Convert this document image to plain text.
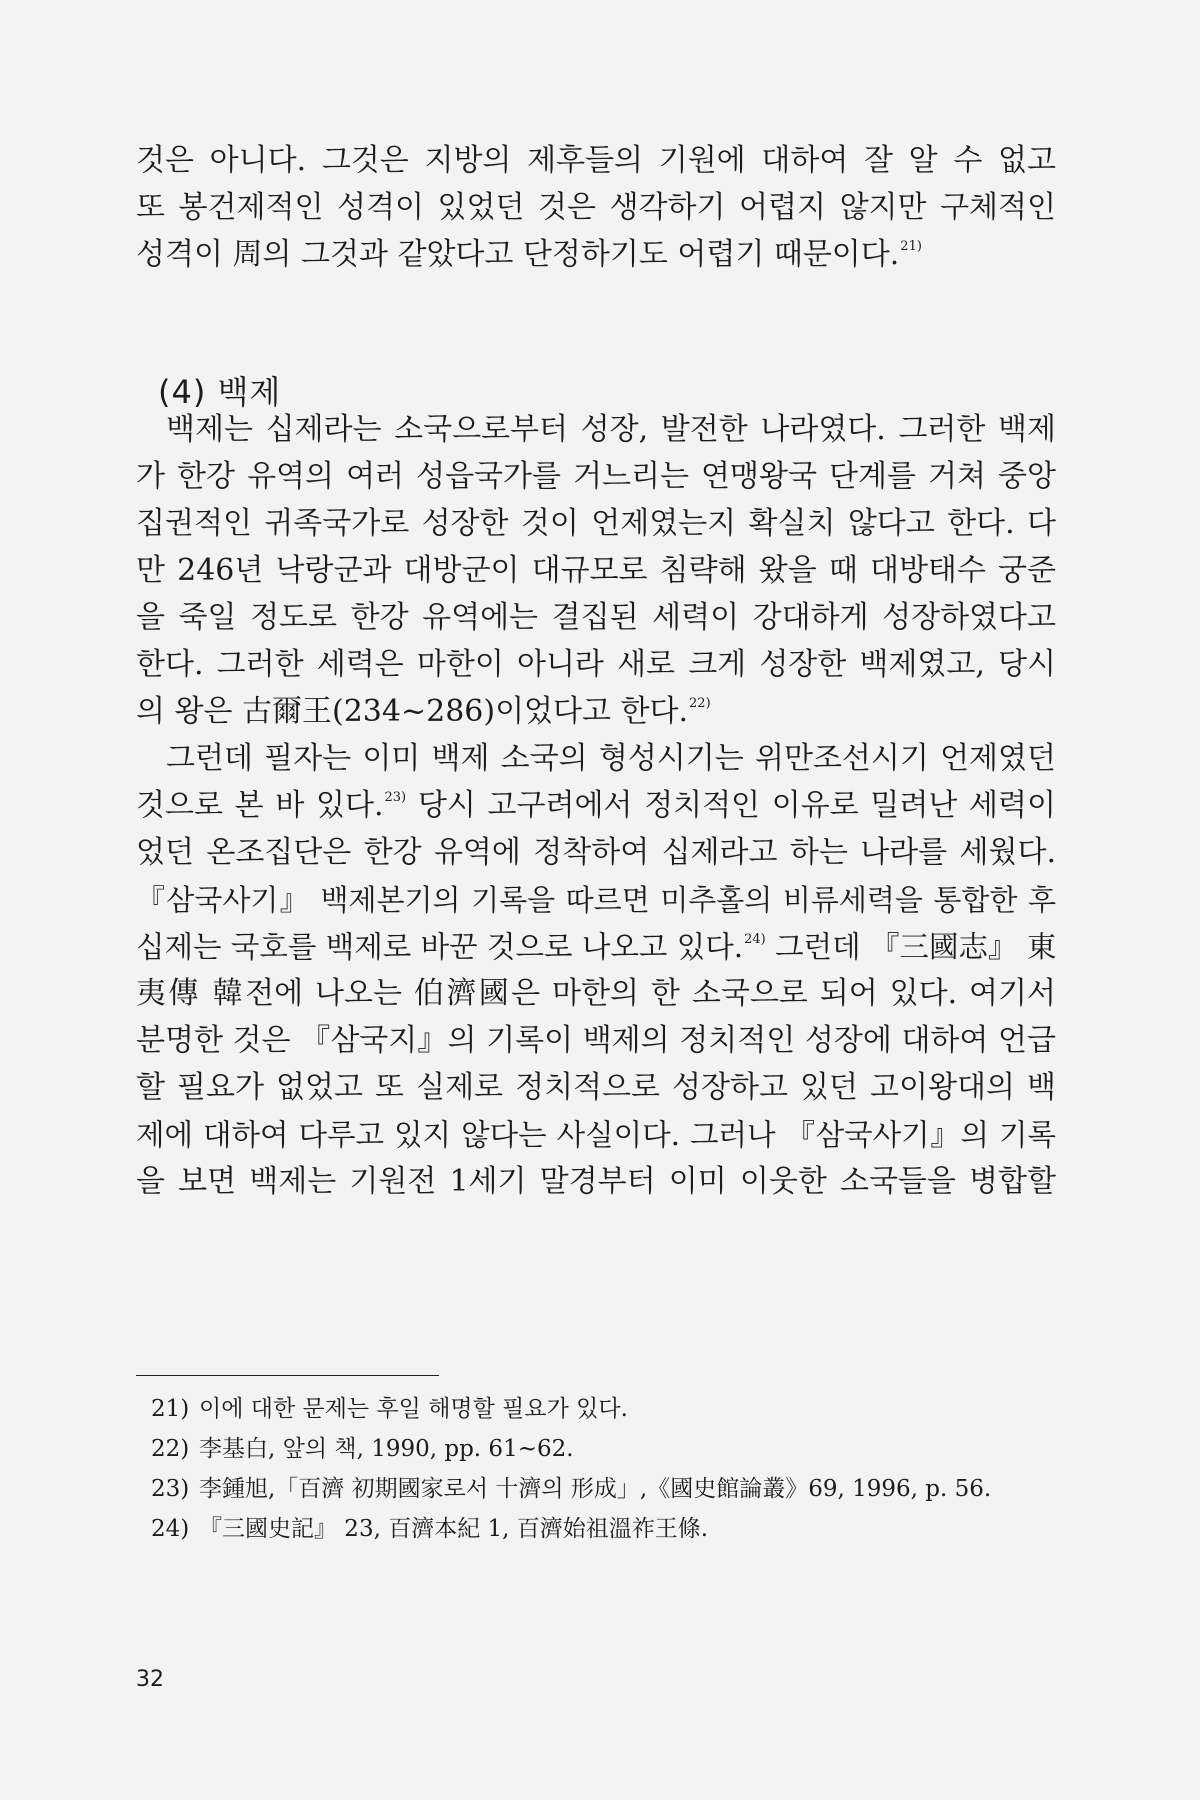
것은 아니다. 그것은 지방의 제후들의 기원에 대하여 잘 알 수 없고
또 봉건제적인 성격이 있었던 것은 생각하기 어렵지 않지만 구체적인
성격이 周의 그것과 같았다고 단정하기도 어렵기 때문이다.$^{21)}$
(4) 백제
백제는 십제라는 소국으로부터 성장, 발전한 나라였다. 그러한 백제
가 한강 유역의 여러 성읍국가를 거느리는 연맹왕국 단계를 거쳐 중앙
집권적인 귀족국가로 성장한 것이 언제였는지 확실치 않다고 한다. 다
만 246년 낙랑군과 대방군이 대규모로 침략해 왔을 때 대방태수 궁준
을 죽일 정도로 한강 유역에는 결집된 세력이 강대하게 성장하였다고
한다. 그러한 세력은 마한이 아니라 새로 크게 성장한 백제였고, 당시
의 왕은 古爾王(234~286)이었다고 한다.$^{22)}$
그런데 필자는 이미 백제 소국의 형성시기는 위만조선시기 언제였던
것으로 본 바 있다.$^{23)}$ 당시 고구려에서 정치적인 이유로 밀려난 세력이
었던 온조집단은 한강 유역에 정착하여 십제라고 하는 나라를 세웠다.
『삼국사기』 백제본기의 기록을 따르면 미추홀의 비류세력을 통합한 후
십제는 국호를 백제로 바꾼 것으로 나오고 있다.$^{24)}$ 그런데 『三國志』 東
夷傳 韓전에 나오는 伯濟國은 마한의 한 소국으로 되어 있다. 여기서
분명한 것은 『삼국지』의 기록이 백제의 정치적인 성장에 대하여 언급
할 필요가 없었고 또 실제로 정치적으로 성장하고 있던 고이왕대의 백
제에 대하여 다루고 있지 않다는 사실이다. 그러나 『삼국사기』의 기록
을 보면 백제는 기원전 1세기 말경부터 이미 이웃한 소국들을 병합할
21) 이에 대한 문제는 후일 해명할 필요가 있다.
22) 李基白, 앞의 책, 1990, pp. 61~62.
23) 李鍾旭,「百濟 初期國家로서 十濟의 形成」,《國史館論叢》69, 1996, p. 56.
24) 『三國史記』 23, 百濟本紀 1, 百濟始祖溫祚王條.
32
